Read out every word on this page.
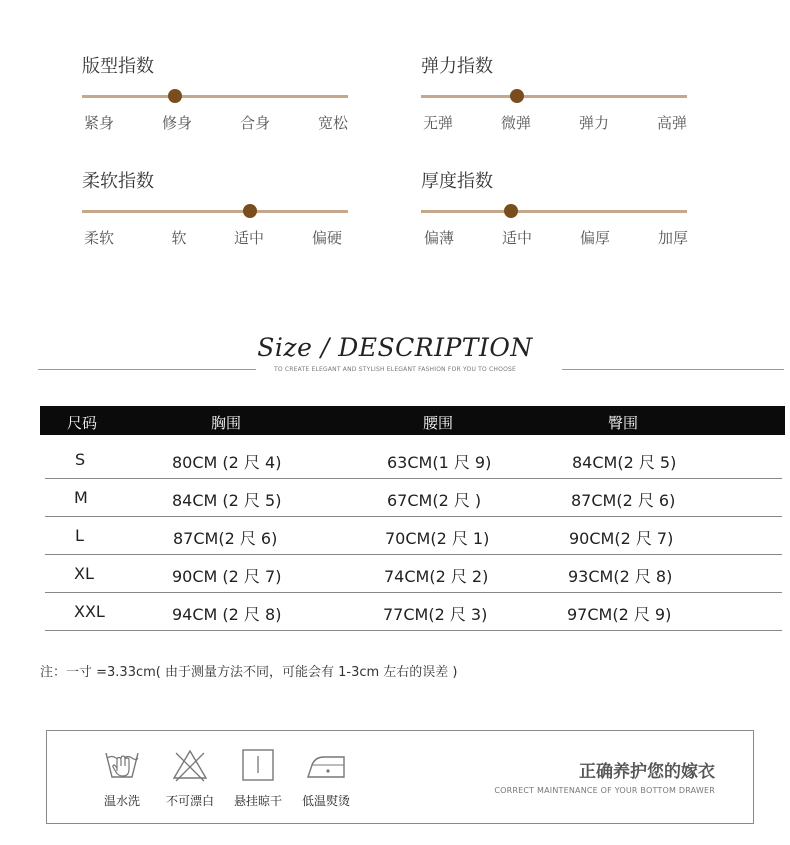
版型指数
紧身	修身	合身	宽松
弹力指数
无弹	微弹	弹力	高弹
柔软指数
柔软	软	适中	偏硬
厚度指数
偏薄	适中	偏厚	加厚
Size / DESCRIPTION
TO CREATE ELEGANT AND STYLISH ELEGANT FASHION FOR YOU TO CHOOSE
尺码	胸围	腰围	臀围
S	80CM (2 尺 4)	63CM(1 尺 9)	84CM(2 尺 5)
M	84CM (2 尺 5)	67CM(2 尺 )	87CM(2 尺 6)
L	87CM(2 尺 6)	70CM(2 尺 1)	90CM(2 尺 7)
XL	90CM (2 尺 7)	74CM(2 尺 2)	93CM(2 尺 8)
XXL	94CM (2 尺 8)	77CM(2 尺 3)	97CM(2 尺 9)
注：一寸 =3.33cm( 由于测量方法不同，可能会有 1-3cm 左右的误差 )
温水洗	不可漂白	悬挂晾干	低温熨烫
正确养护您的嫁衣
CORRECT MAINTENANCE OF YOUR BOTTOM DRAWER
